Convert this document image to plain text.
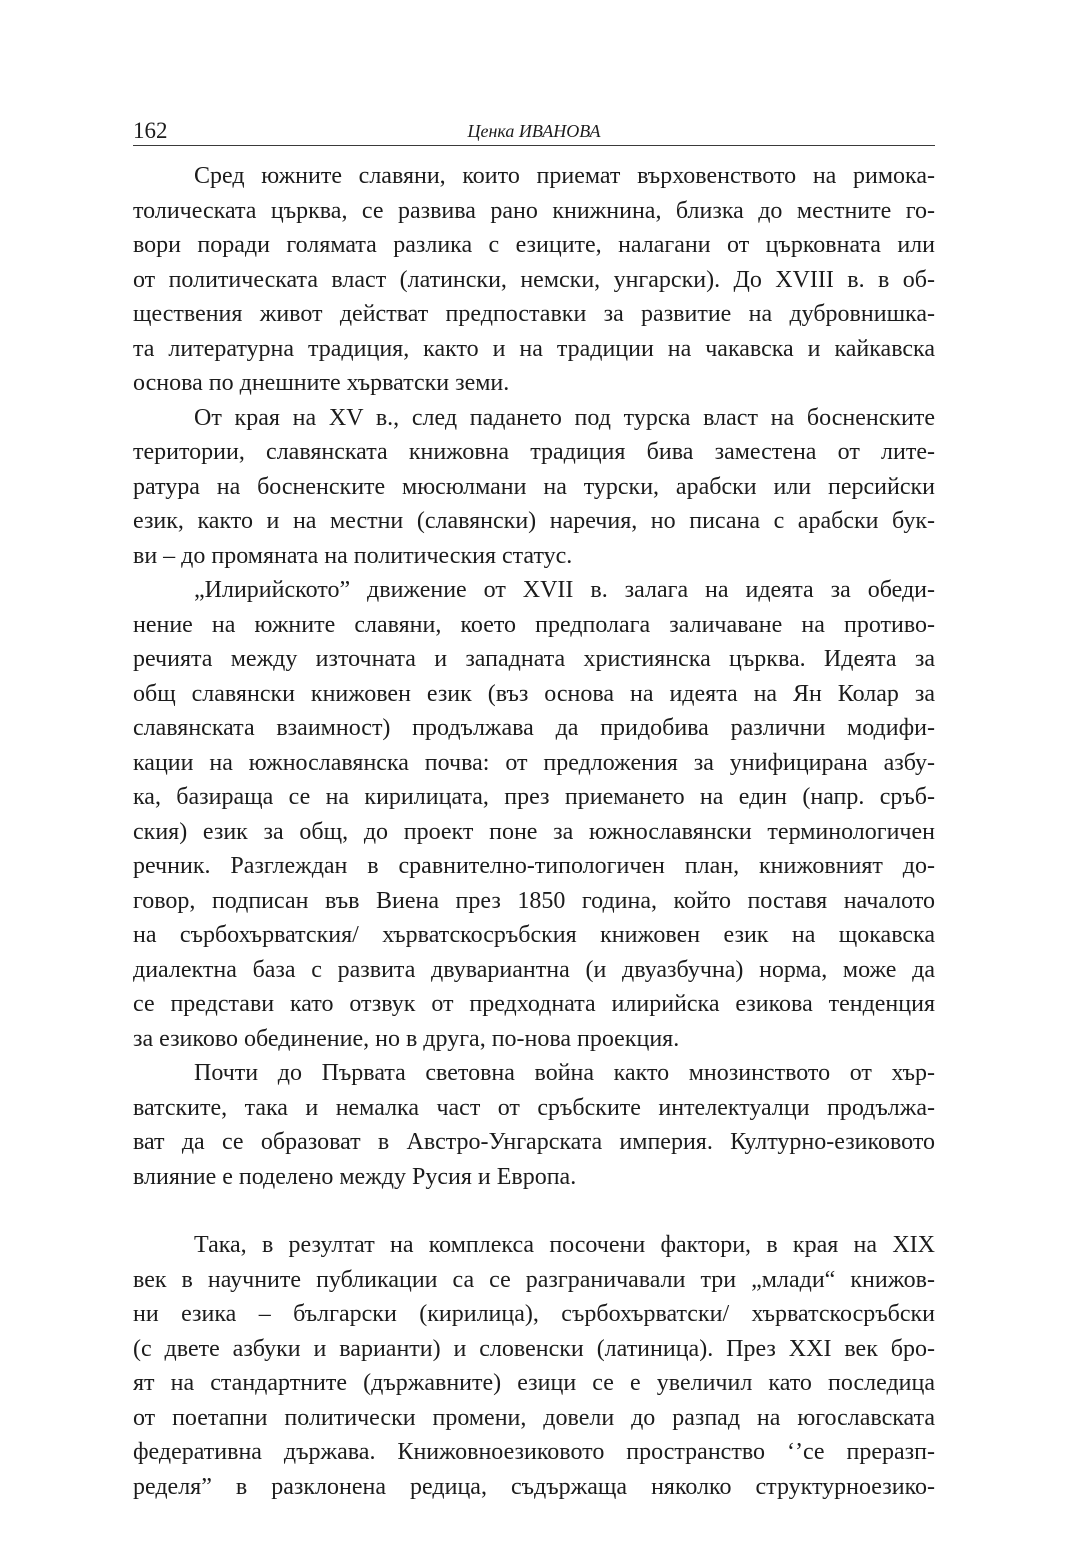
162	Ценка ИВАНОВА
Сред южните славяни, които приемат върховенството на римока-
толическата църква, се развива рано книжнина, близка до местните го-
вори поради голямата разлика с езиците, налагани от църковната или
от политическата власт (латински, немски, унгарски). До XVIII в. в об-
ществения живот действат предпоставки за развитие на дубровнишка-
та литературна традиция, както и на традиции на чакавска и кайкавска
основа по днешните хърватски земи.
От края на XV в., след падането под турска власт на босненските
територии, славянската книжовна традиция бива заместена от лите-
ратура на босненските мюсюлмани на турски, арабски или персийски
език, както и на местни (славянски) наречия, но писана с арабски бук-
ви – до промяната на политическия статус.
„Илирийското” движение от XVII в. залага на идеята за обеди-
нение на южните славяни, което предполага заличаване на противо-
речията между източната и западната християнска църква. Идеята за
общ славянски книжовен език (въз основа на идеята на Ян Колар за
славянската взаимност) продължава да придобива различни модифи-
кации на южнославянска почва: от предложения за унифицирана азбу-
ка, базираща се на кирилицата, през приемането на един (напр. сръб-
ския) език за общ, до проект поне за южнославянски терминологичен
речник. Разглеждан в сравнително-типологичен план, книжовният до-
говор, подписан във Виена през 1850 година, който поставя началото
на сърбохърватския/ хърватскосръбския книжовен език на щокавска
диалектна база с развита двувариантна (и двуазбучна) норма, може да
се представи като отзвук от предходната илирийска езикова тенденция
за езиково обединение, но в друга, по-нова проекция.
Почти до Първата световна война както мнозинството от хър-
ватските, така и немалка част от сръбските интелектуалци продължа-
ват да се образоват в Австро-Унгарската империя. Културно-езиковото
влияние е поделено между Русия и Европа.
Така, в резултат на комплекса посочени фактори, в края на XIX
век в научните публикации са се разграничавали три „млади“ книжов-
ни езика – български (кирилица), сърбохърватски/ хърватскосръбски
(с двете азбуки и варианти) и словенски (латиница). През XXI век бро-
ят на стандартните (държавните) езици се е увеличил като последица
от поетапни политически промени, довели до разпад на югославската
федеративна държава. Книжовноезиковото пространство ‘’се преразп-
ределя” в разклонена редица, съдържаща няколко структурноезико-
